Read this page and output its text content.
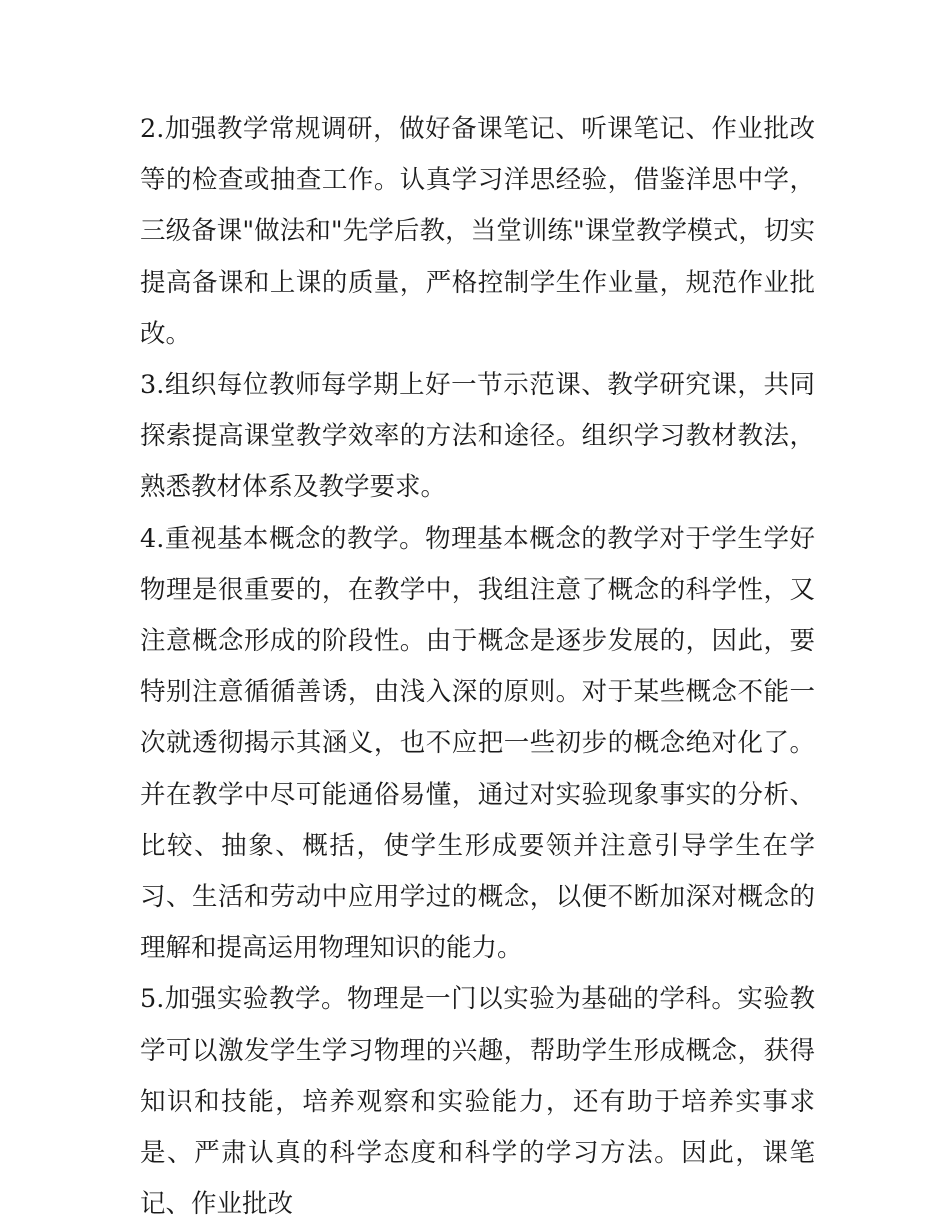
2.加强教学常规调研，做好备课笔记、听课笔记、作业批改等的检查或抽查工作。认真学习洋思经验，借鉴洋思中学，三级备课"做法和"先学后教，当堂训练"课堂教学模式，切实提高备课和上课的质量，严格控制学生作业量，规范作业批改。

3.组织每位教师每学期上好一节示范课、教学研究课，共同探索提高课堂教学效率的方法和途径。组织学习教材教法，熟悉教材体系及教学要求。

4.重视基本概念的教学。物理基本概念的教学对于学生学好物理是很重要的，在教学中，我组注意了概念的科学性，又注意概念形成的阶段性。由于概念是逐步发展的，因此，要特别注意循循善诱，由浅入深的原则。对于某些概念不能一次就透彻揭示其涵义，也不应把一些初步的概念绝对化了。并在教学中尽可能通俗易懂，通过对实验现象事实的分析、比较、抽象、概括，使学生形成要领并注意引导学生在学习、生活和劳动中应用学过的概念，以便不断加深对概念的理解和提高运用物理知识的能力。

5.加强实验教学。物理是一门以实验为基础的学科。实验教学可以激发学生学习物理的兴趣，帮助学生形成概念，获得知识和技能，培养观察和实验能力，还有助于培养实事求是、严肃认真的科学态度和科学的学习方法。因此，课笔记、作业批改
